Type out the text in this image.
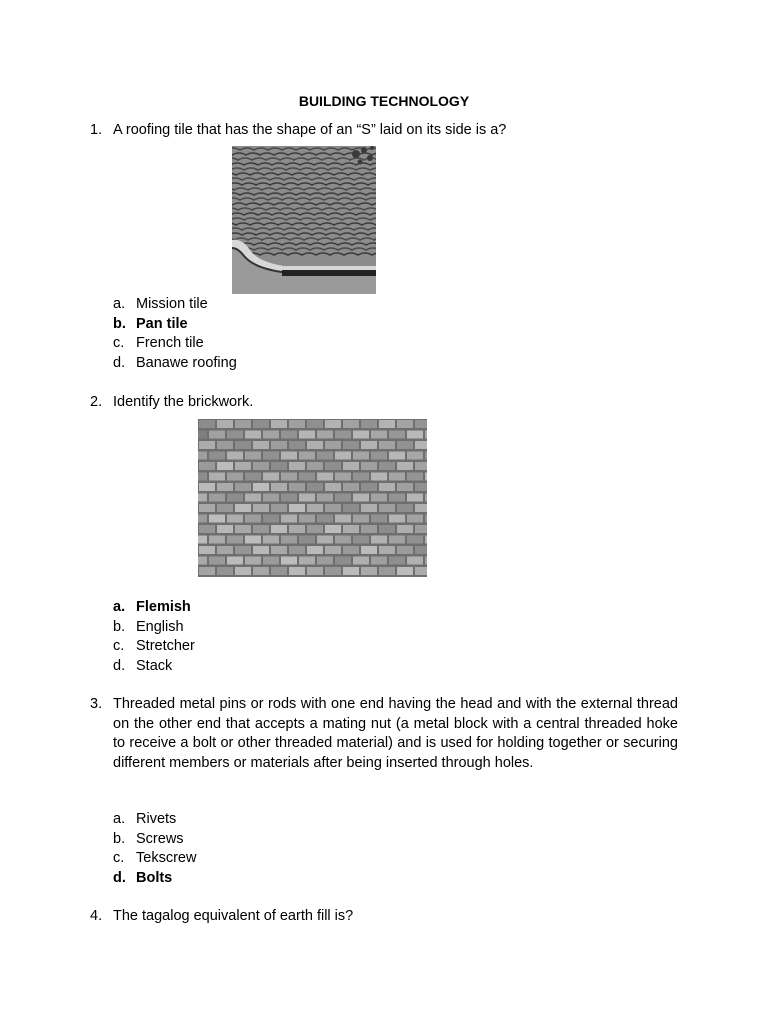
BUILDING TECHNOLOGY
1. A roofing tile that has the shape of an “S” laid on its side is a?
a. Mission tile
b. Pan tile
c. French tile
d. Banawe roofing
2. Identify the brickwork.
a. Flemish
b. English
c. Stretcher
d. Stack
3. Threaded metal pins or rods with one end having the head and with the external thread on the other end that accepts a mating nut (a metal block with a central threaded hoke to receive a bolt or other threaded material) and is used for holding together or securing different members or materials after being inserted through holes.
a. Rivets
b. Screws
c. Tekscrew
d. Bolts
4. The tagalog equivalent of earth fill is?
